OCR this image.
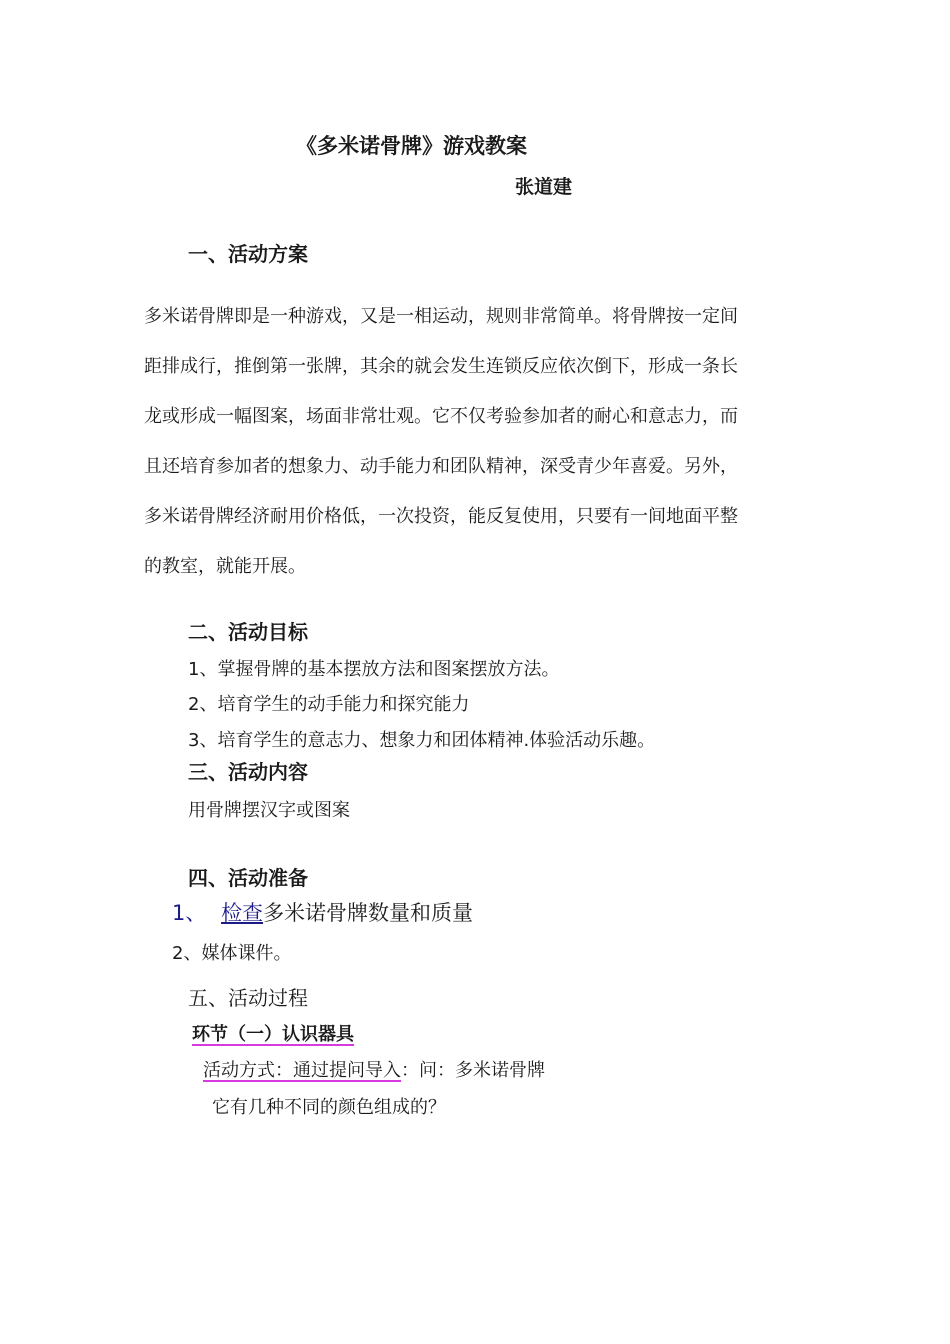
《多米诺骨牌》游戏教案
张道建
一、活动方案
多米诺骨牌即是一种游戏，又是一相运动，规则非常简单。将骨牌按一定间
距排成行，推倒第一张牌，其余的就会发生连锁反应依次倒下，形成一条长
龙或形成一幅图案，场面非常壮观。它不仅考验参加者的耐心和意志力，而
且还培育参加者的想象力、动手能力和团队精神，深受青少年喜爱。另外，
多米诺骨牌经济耐用价格低，一次投资，能反复使用，只要有一间地面平整
的教室，就能开展。
二、活动目标
1、掌握骨牌的基本摆放方法和图案摆放方法。
2、培育学生的动手能力和探究能力
3、培育学生的意志力、想象力和团体精神.体验活动乐趣。
三、活动内容
用骨牌摆汉字或图案
四、活动准备
1、 检查多米诺骨牌数量和质量
2、媒体课件。
五、活动过程
环节（一）认识器具
活动方式：通过提问导入：问：多米诺骨牌
它有几种不同的颜色组成的？
